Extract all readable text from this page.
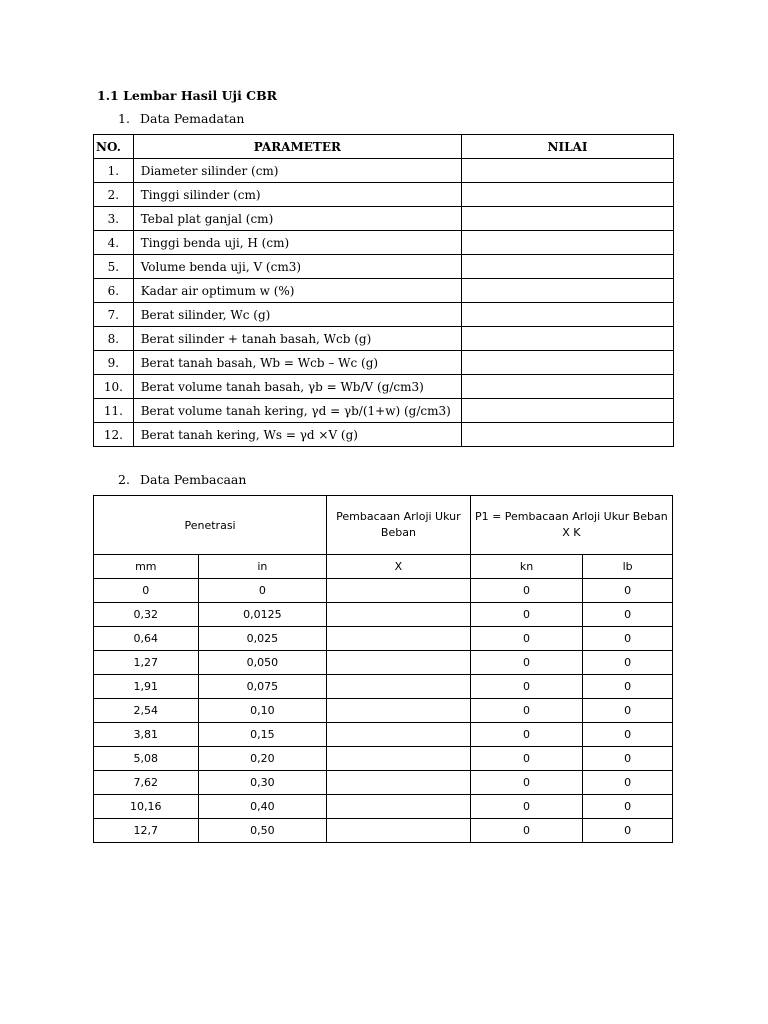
1.1 Lembar Hasil Uji CBR
1. Data Pemadatan
NO.	PARAMETER	NILAI
1.	Diameter silinder (cm)	
2.	Tinggi silinder (cm)	
3.	Tebal plat ganjal (cm)	
4.	Tinggi benda uji, H (cm)	
5.	Volume benda uji, V (cm3)	
6.	Kadar air optimum w (%)	
7.	Berat silinder, Wc (g)	
8.	Berat silinder + tanah basah, Wcb (g)	
9.	Berat tanah basah, Wb = Wcb – Wc (g)	
10.	Berat volume tanah basah, γb = Wb/V (g/cm3)	
11.	Berat volume tanah kering, γd = γb/(1+w) (g/cm3)	
12.	Berat tanah kering, Ws = γd ×V (g)	
2. Data Pembacaan
Penetrasi		Pembacaan Arloji Ukur Beban	P1 = Pembacaan Arloji Ukur Beban X K	

mm	in	X	kn	lb
0	0		0	0
0,32	0,0125		0	0
0,64	0,025		0	0
1,27	0,050		0	0
1,91	0,075		0	0
2,54	0,10		0	0
3,81	0,15		0	0
5,08	0,20		0	0
7,62	0,30		0	0
10,16	0,40		0	0
12,7	0,50		0	0
